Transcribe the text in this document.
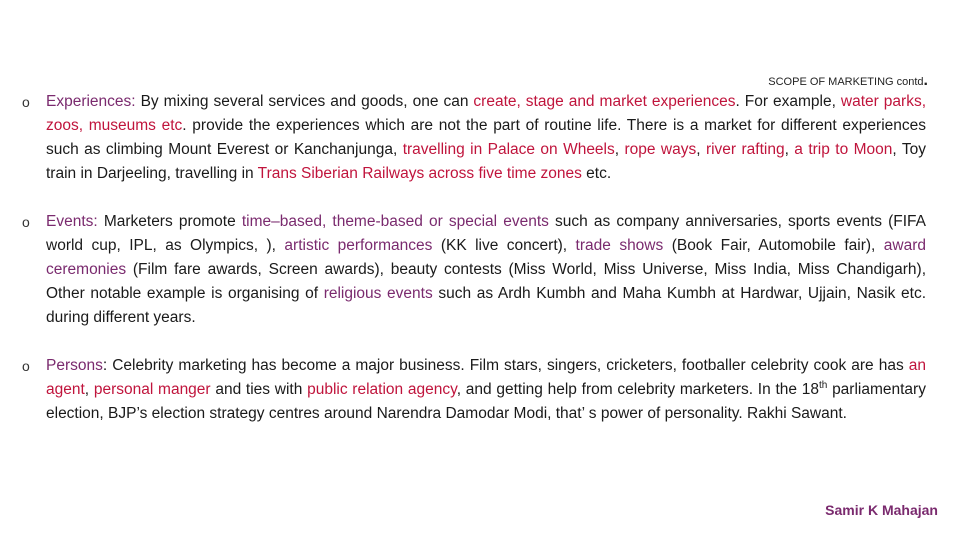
SCOPE OF MARKETING contd.
o Experiences: By mixing several services and goods, one can create, stage and market experiences. For example, water parks, zoos, museums etc. provide the experiences which are not the part of routine life. There is a market for different experiences such as climbing Mount Everest or Kanchanjunga, travelling in Palace on Wheels, rope ways, river rafting, a trip to Moon, Toy train in Darjeeling, travelling in Trans Siberian Railways across five time zones etc.
o Events: Marketers promote time–based, theme-based or special events such as company anniversaries, sports events (FIFA world cup, IPL, as Olympics, ), artistic performances (KK live concert), trade shows (Book Fair, Automobile fair), award ceremonies (Film fare awards, Screen awards), beauty contests (Miss World, Miss Universe, Miss India, Miss Chandigarh), Other notable example is organising of religious events such as Ardh Kumbh and Maha Kumbh at Hardwar, Ujjain, Nasik etc. during different years.
o Persons: Celebrity marketing has become a major business. Film stars, singers, cricketers, footballer celebrity cook are has an agent, personal manger and ties with public relation agency, and getting help from celebrity marketers. In the 18th parliamentary election, BJP’s election strategy centres around Narendra Damodar Modi, that’ s power of personality. Rakhi Sawant.
Samir K Mahajan
